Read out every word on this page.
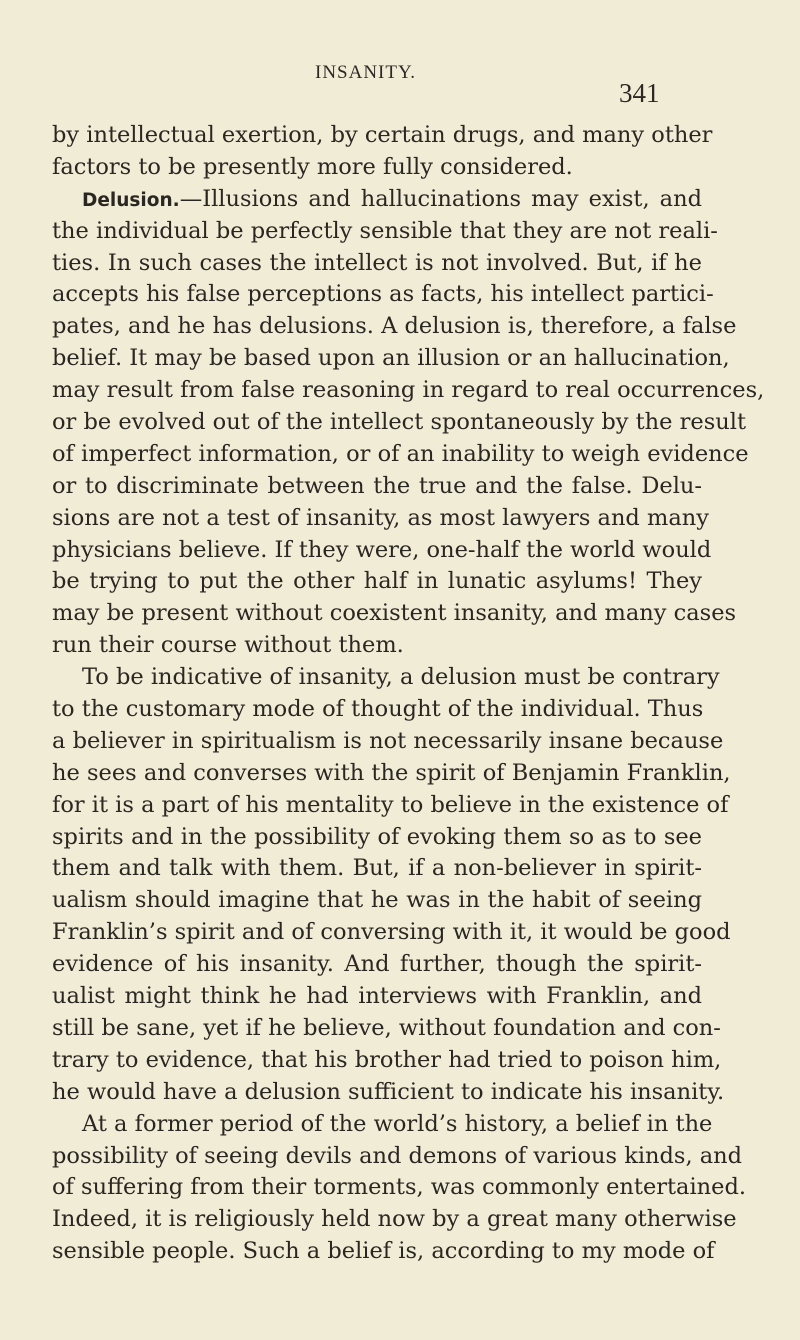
INSANITY.
341
by intellectual exertion, by certain drugs, and many other
factors to be presently more fully considered.
Delusion.—Illusions and hallucinations may exist, and
the individual be perfectly sensible that they are not reali-
ties. In such cases the intellect is not involved. But, if he
accepts his false perceptions as facts, his intellect partici-
pates, and he has delusions. A delusion is, therefore, a false
belief. It may be based upon an illusion or an hallucination,
may result from false reasoning in regard to real occurrences,
or be evolved out of the intellect spontaneously by the result
of imperfect information, or of an inability to weigh evidence
or to discriminate between the true and the false. Delu-
sions are not a test of insanity, as most lawyers and many
physicians believe. If they were, one-half the world would
be trying to put the other half in lunatic asylums! They
may be present without coexistent insanity, and many cases
run their course without them.
To be indicative of insanity, a delusion must be contrary
to the customary mode of thought of the individual. Thus
a believer in spiritualism is not necessarily insane because
he sees and converses with the spirit of Benjamin Franklin,
for it is a part of his mentality to believe in the existence of
spirits and in the possibility of evoking them so as to see
them and talk with them. But, if a non-believer in spirit-
ualism should imagine that he was in the habit of seeing
Franklin’s spirit and of conversing with it, it would be good
evidence of his insanity. And further, though the spirit-
ualist might think he had interviews with Franklin, and
still be sane, yet if he believe, without foundation and con-
trary to evidence, that his brother had tried to poison him,
he would have a delusion sufficient to indicate his insanity.
At a former period of the world’s history, a belief in the
possibility of seeing devils and demons of various kinds, and
of suffering from their torments, was commonly entertained.
Indeed, it is religiously held now by a great many otherwise
sensible people. Such a belief is, according to my mode of
